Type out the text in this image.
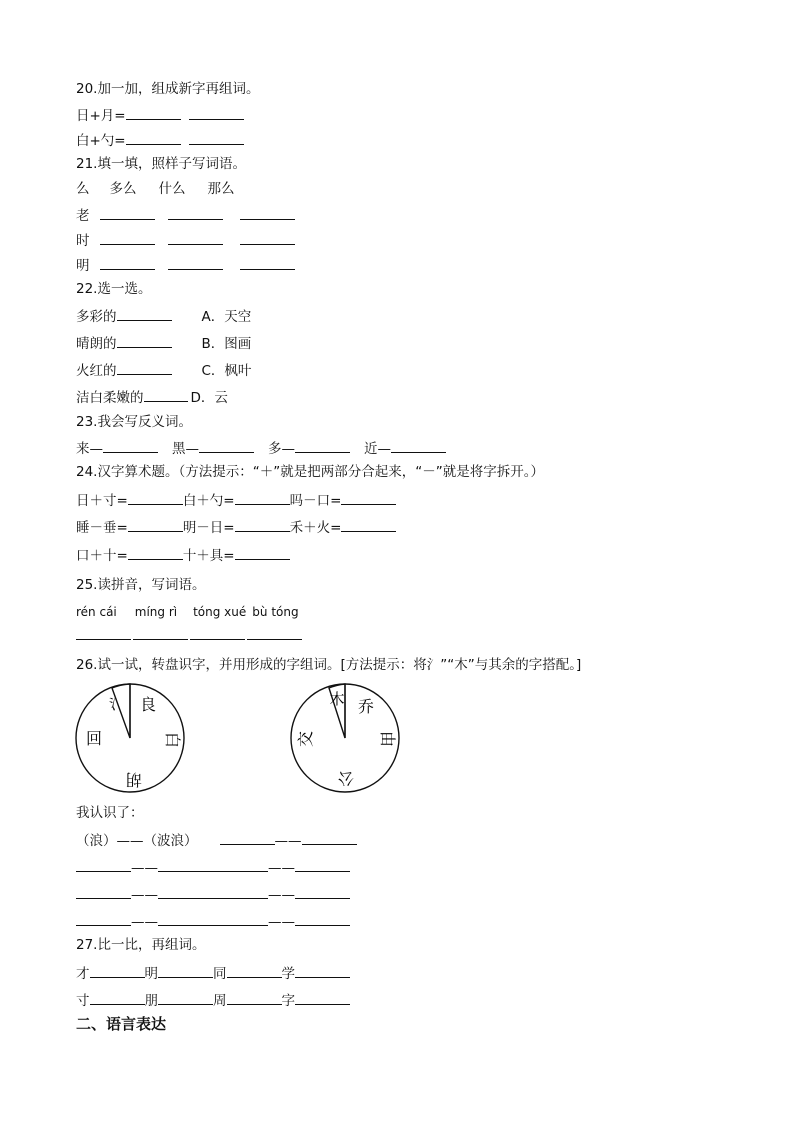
20.加一加，组成新字再组词。
日+月=
白+勺=
21.填一填，照样子写词语。
么 多么 什么 那么
老
时
明
22.选一选。
多彩的	A．天空
晴朗的	B．图画
火红的	C．枫叶
洁白柔嫩的	D．云
23.我会写反义词。
来—	黑—	多—	近—
24.汉字算术题。（方法提示：“＋”就是把两部分合起来，“－”就是将字拆开。）
日＋寸=	白＋勺=	吗－口=
睡－垂=	明－日=	禾＋火=
口＋十=	十＋具=
25.读拼音，写词语。
rén cái míng rì tóng xué bù tóng
26.试一试，转盘识字，并用形成的字组词。[方法提示：将氵”“木”与其余的字搭配。]
氵 良
白
回
胡
木 乔
由
交
公
我认识了：
（浪）——（波浪）	——
——	——
——	——
——	——
27.比一比，再组词。
才	明	同	学
寸	朋	周	字
二、语言表达
